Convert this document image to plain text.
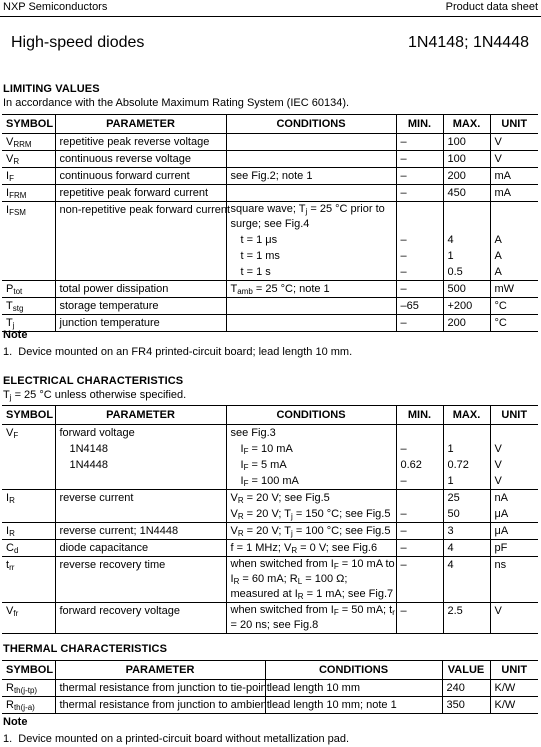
NXP Semiconductors	Product data sheet
High-speed diodes	1N4148; 1N4448
LIMITING VALUES
In accordance with the Absolute Maximum Rating System (IEC 60134).
SYMBOL	PARAMETER	CONDITIONS	MIN.	MAX.	UNIT
$V_{RRM}$	repetitive peak reverse voltage		–	100	V
$V_R$	continuous reverse voltage		–	100	V
$I_F$	continuous forward current	see Fig.2; note 1	–	200	mA
$I_{FRM}$	repetitive peak forward current		–	450	mA
$I_{FSM}$	non-repetitive peak forward current	square wave; $T_j = 25$ °C prior to surge; see Fig.4			
		t = 1 μs	–	4	A
		t = 1 ms	–	1	A
		t = 1 s	–	0.5	A
$P_{tot}$	total power dissipation	$T_{amb} = 25$ °C; note 1	–	500	mW
$T_{stg}$	storage temperature		–65	+200	°C
$T_j$	junction temperature		–	200	°C
Note
1.  Device mounted on an FR4 printed-circuit board; lead length 10 mm.
ELECTRICAL CHARACTERISTICS
$T_j = 25$ °C unless otherwise specified.
SYMBOL	PARAMETER	CONDITIONS	MIN.	MAX.	UNIT
$V_F$	forward voltage	see Fig.3			
	1N4148	$I_F = 10$ mA	–	1	V
	1N4448	$I_F = 5$ mA	0.62	0.72	V
		$I_F = 100$ mA	–	1	V
$I_R$	reverse current	$V_R = 20$ V; see Fig.5		25	nA
		$V_R = 20$ V; $T_j = 150$ °C; see Fig.5	–	50	μA
$I_R$	reverse current; 1N4448	$V_R = 20$ V; $T_j = 100$ °C; see Fig.5	–	3	μA
$C_d$	diode capacitance	f = 1 MHz; $V_R = 0$ V; see Fig.6	–	4	pF
$t_{rr}$	reverse recovery time	when switched from $I_F = 10$ mA to $I_R = 60$ mA; $R_L = 100$ Ω; measured at $I_R = 1$ mA; see Fig.7	–	4	ns
$V_{fr}$	forward recovery voltage	when switched from $I_F = 50$ mA; $t_r = 20$ ns; see Fig.8	–	2.5	V
THERMAL CHARACTERISTICS
SYMBOL	PARAMETER	CONDITIONS	VALUE	UNIT
$R_{th(j-tp)}$	thermal resistance from junction to tie-point	lead length 10 mm	240	K/W
$R_{th(j-a)}$	thermal resistance from junction to ambient	lead length 10 mm; note 1	350	K/W
Note
1.  Device mounted on a printed-circuit board without metallization pad.
